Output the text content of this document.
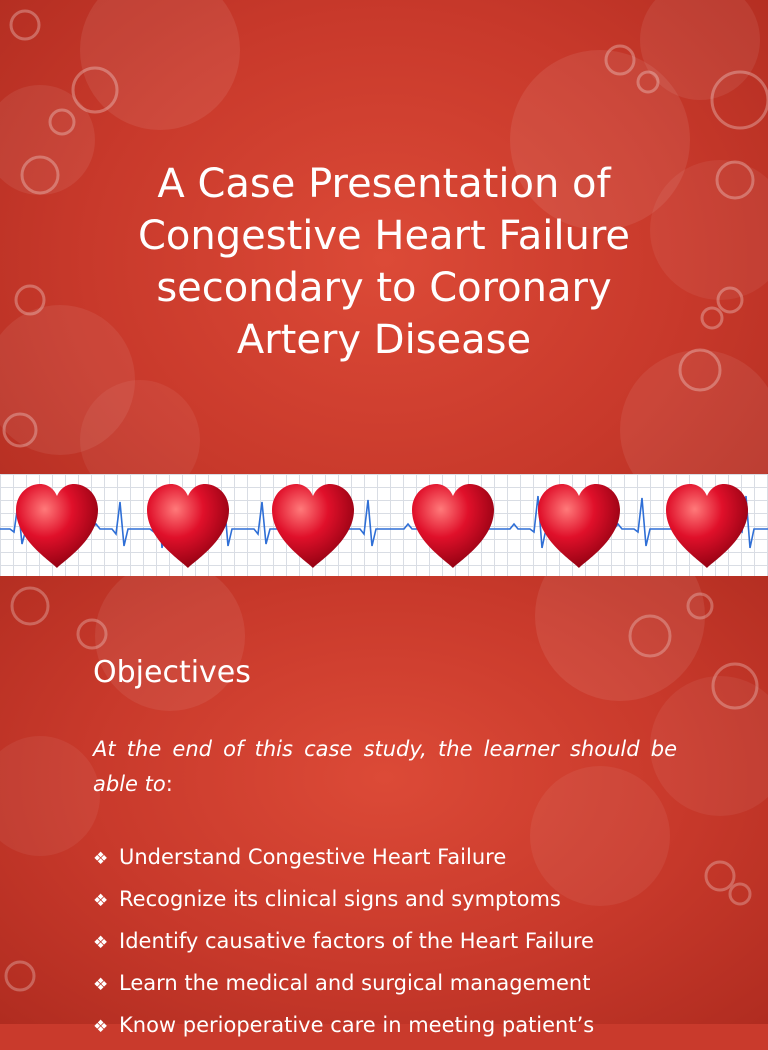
A Case Presentation of
Congestive Heart Failure
secondary to Coronary
Artery Disease
Objectives

At the end of this case study, the learner should be able to:

❖ Understand Congestive Heart Failure
❖ Recognize its clinical signs and symptoms
❖ Identify causative factors of the Heart Failure
❖ Learn the medical and surgical management
❖ Know perioperative care in meeting patient’s
